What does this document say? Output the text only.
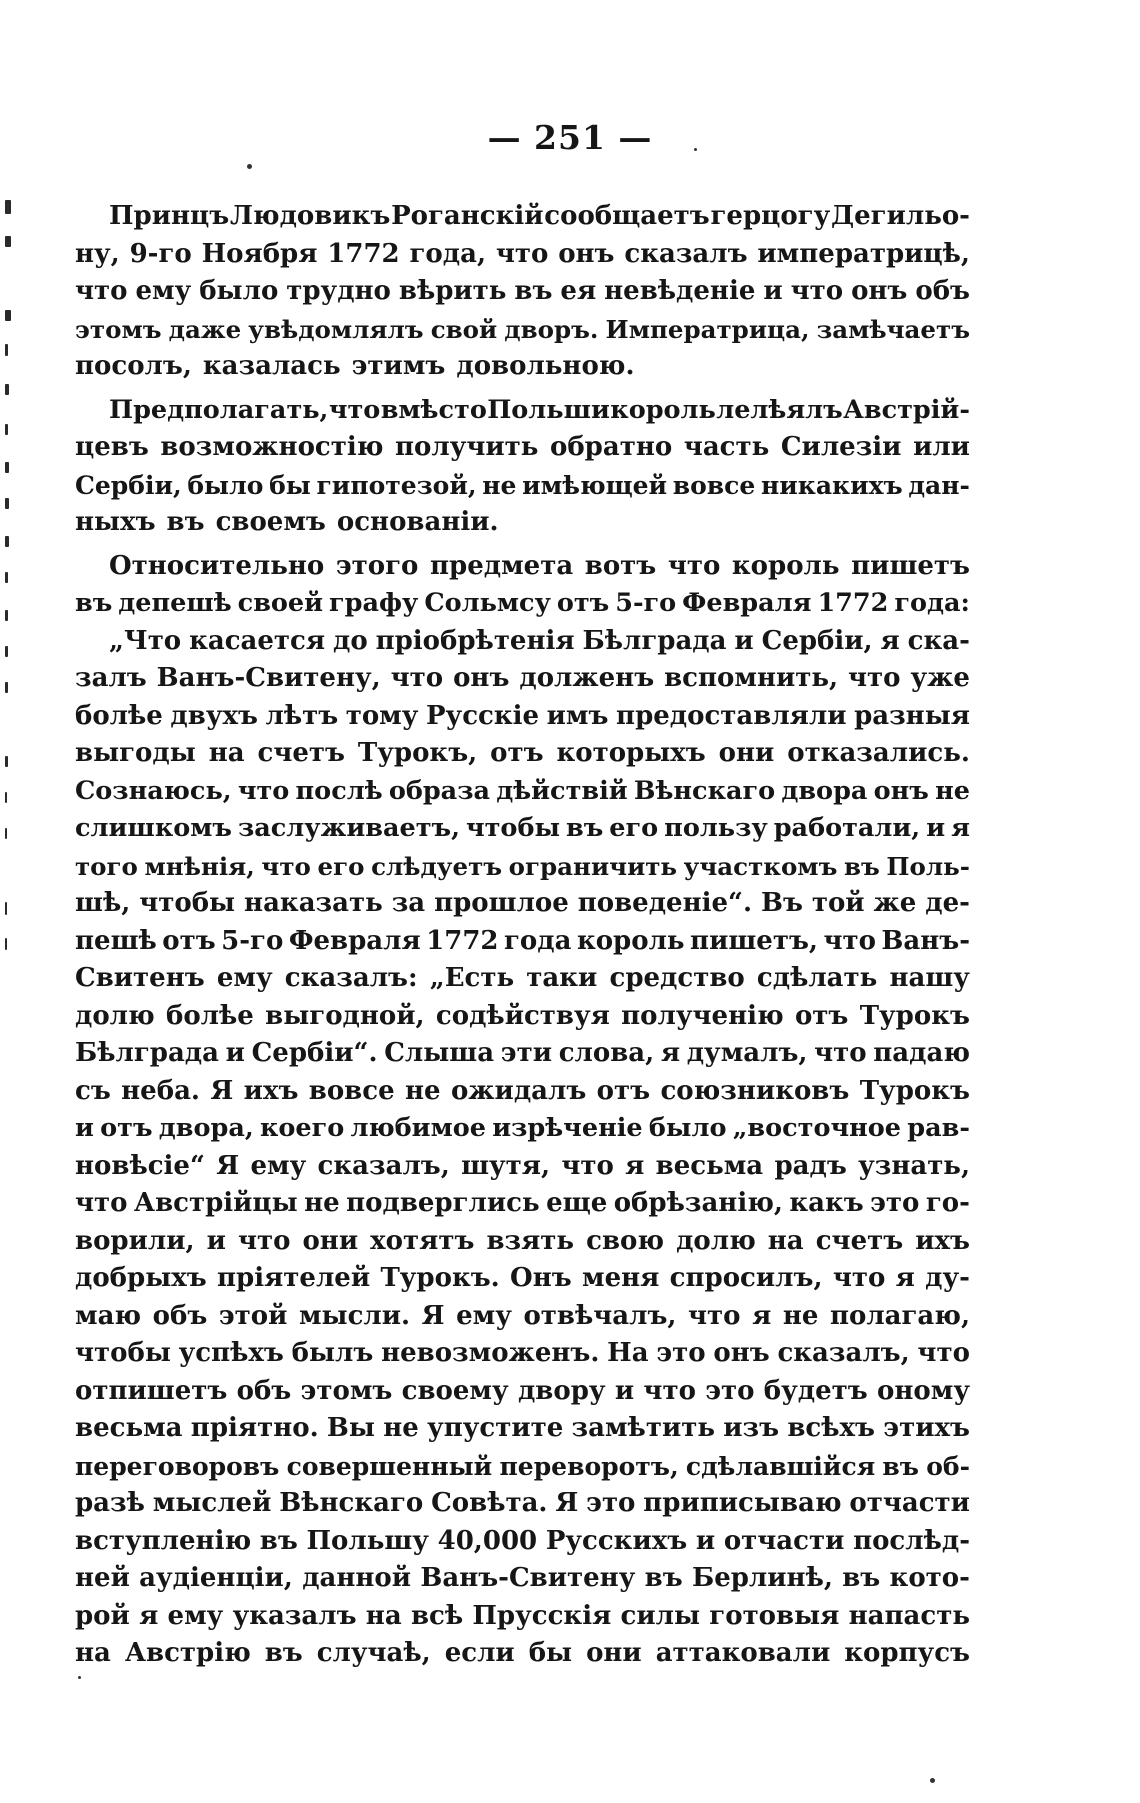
— 251 —
Принцъ Людовикъ Роганскій сообщаетъ герцогу Дегильо-
ну, 9-го Ноября 1772 года, что онъ сказалъ императрицѣ,
что ему было трудно вѣрить въ ея невѣденіе и что онъ объ
этомъ даже увѣдомлялъ свой дворъ. Императрица, замѣчаетъ
посолъ, казалась этимъ довольною.
Предполагать, что вмѣсто Польши король лелѣялъ Австрій-
цевъ возможностію получить обратно часть Силезіи или
Сербіи, было бы гипотезой, не имѣющей вовсе никакихъ дан-
ныхъ въ своемъ основаніи.
Относительно этого предмета вотъ что король пишетъ
въ депешѣ своей графу Сольмсу отъ 5-го Февраля 1772 года:
„Что касается до пріобрѣтенія Бѣлграда и Сербіи, я ска-
залъ Ванъ-Свитену, что онъ долженъ вспомнить, что уже
болѣе двухъ лѣтъ тому Русскіе имъ предоставляли разныя
выгоды на счетъ Турокъ, отъ которыхъ они отказались.
Сознаюсь, что послѣ образа дѣйствій Вѣнскаго двора онъ не
слишкомъ заслуживаетъ, чтобы въ его пользу работали, и я
того мнѣнія, что его слѣдуетъ ограничить участкомъ въ Поль-
шѣ, чтобы наказать за прошлое поведеніе“. Въ той же де-
пешѣ отъ 5-го Февраля 1772 года король пишетъ, что Ванъ-
Свитенъ ему сказалъ: „Есть таки средство сдѣлать нашу
долю болѣе выгодной, содѣйствуя полученію отъ Турокъ
Бѣлграда и Сербіи“. Слыша эти слова, я думалъ, что падаю
съ неба. Я ихъ вовсе не ожидалъ отъ союзниковъ Турокъ
и отъ двора, коего любимое изрѣченіе было „восточное рав-
новѣсіе“ Я ему сказалъ, шутя, что я весьма радъ узнать,
что Австрійцы не подверглись еще обрѣзанію, какъ это го-
ворили, и что они хотятъ взять свою долю на счетъ ихъ
добрыхъ пріятелей Турокъ. Онъ меня спросилъ, что я ду-
маю объ этой мысли. Я ему отвѣчалъ, что я не полагаю,
чтобы успѣхъ былъ невозможенъ. На это онъ сказалъ, что
отпишетъ объ этомъ своему двору и что это будетъ оному
весьма пріятно. Вы не упустите замѣтить изъ всѣхъ этихъ
переговоровъ совершенный переворотъ, сдѣлавшійся въ об-
разѣ мыслей Вѣнскаго Совѣта. Я это приписываю отчасти
вступленію въ Польшу 40,000 Русскихъ и отчасти послѣд-
ней аудіенціи, данной Ванъ-Свитену въ Берлинѣ, въ кото-
рой я ему указалъ на всѣ Прусскія силы готовыя напасть
на Австрію въ случаѣ, если бы они аттаковали корпусъ
